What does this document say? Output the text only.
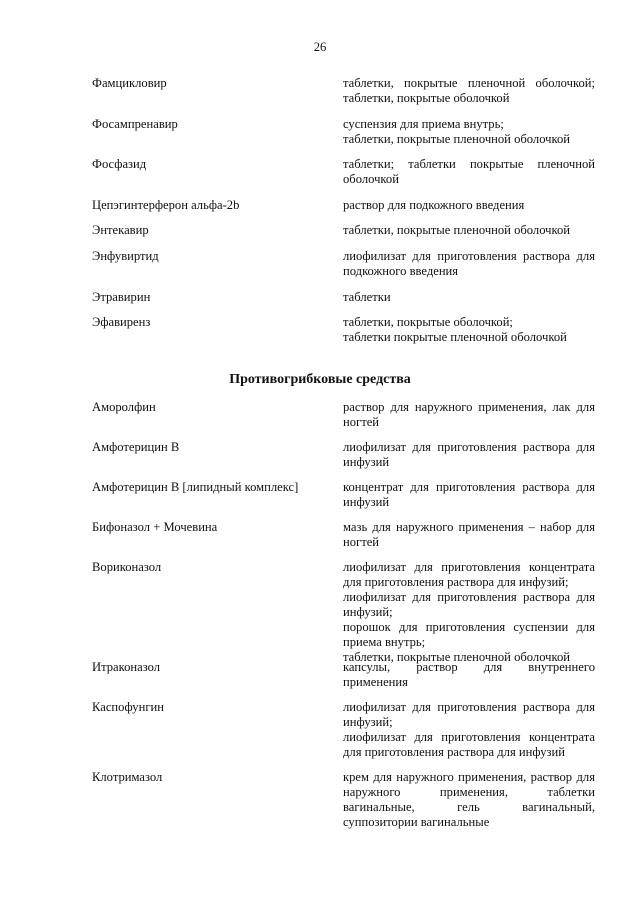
26
Фамцикловир	таблетки, покрытые пленочной оболочкой;
таблетки, покрытые оболочкой
Фосампренавир	суспензия для приема внутрь;
таблетки, покрытые пленочной оболочкой
Фосфазид	таблетки; таблетки покрытые пленочной
оболочкой
Цепэгинтерферон альфа-2b	раствор для подкожного введения
Энтекавир	таблетки, покрытые пленочной оболочкой
Энфувиртид	лиофилизат для приготовления раствора для
подкожного введения
Этравирин	таблетки
Эфавиренз	таблетки, покрытые оболочкой;
таблетки покрытые пленочной оболочкой
Противогрибковые средства
Аморолфин	раствор для наружного применения, лак для
ногтей
Амфотерицин В	лиофилизат для приготовления раствора для
инфузий
Амфотерицин В [липидный комплекс]	концентрат для приготовления раствора для
инфузий
Бифоназол + Мочевина	мазь для наружного применения – набор для
ногтей
Вориконазол	лиофилизат для приготовления концентрата
для приготовления раствора для инфузий;
лиофилизат для приготовления раствора для
инфузий;
порошок для приготовления суспензии для
приема внутрь;
таблетки, покрытые пленочной оболочкой
Итраконазол	капсулы, раствор для внутреннего
применения
Каспофунгин	лиофилизат для приготовления раствора для
инфузий;
лиофилизат для приготовления концентрата
для приготовления раствора для инфузий
Клотримазол	крем для наружного применения, раствор для
наружного применения, таблетки
вагинальные, гель вагинальный,
суппозитории вагинальные
